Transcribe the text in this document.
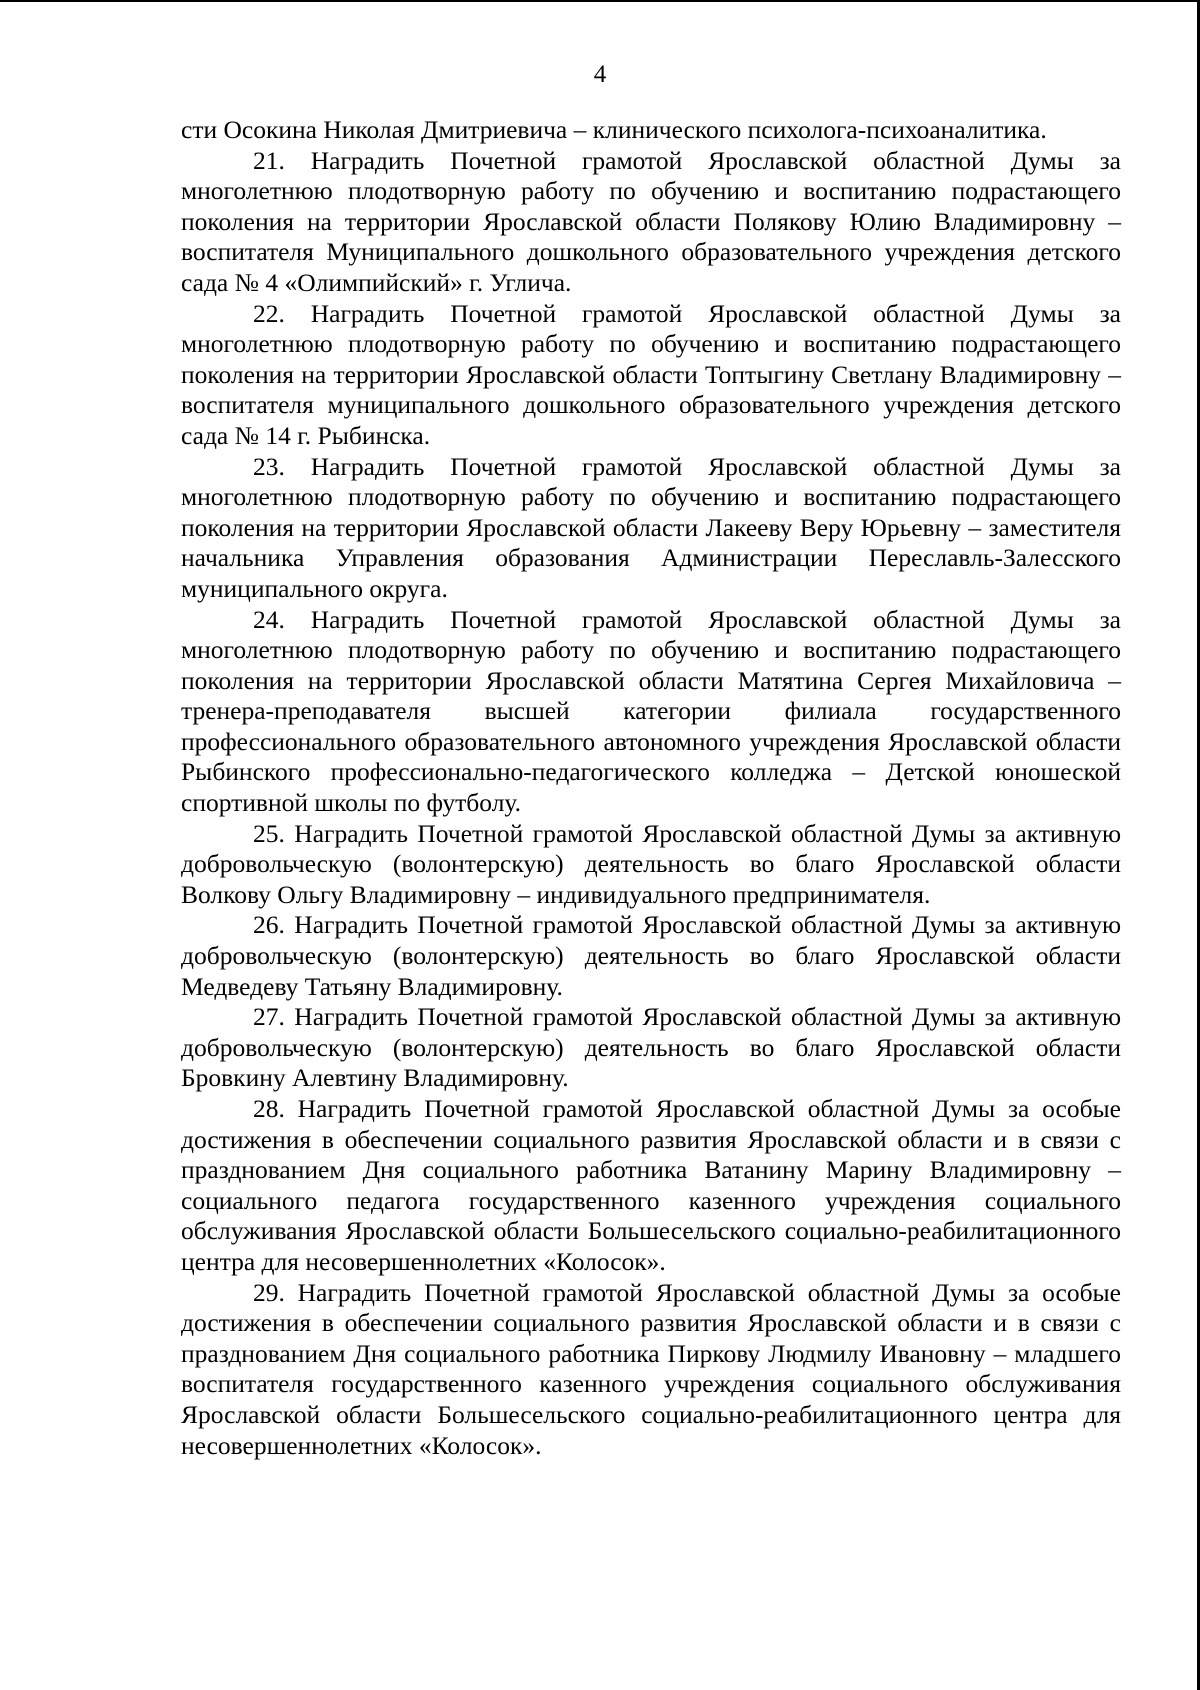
4

сти Осокина Николая Дмитриевича – клинического психолога-психоаналитика.

21. Наградить Почетной грамотой Ярославской областной Думы за многолетнюю плодотворную работу по обучению и воспитанию подрастающего поколения на территории Ярославской области Полякову Юлию Владимировну – воспитателя Муниципального дошкольного образовательного учреждения детского сада № 4 «Олимпийский» г. Углича.

22. Наградить Почетной грамотой Ярославской областной Думы за многолетнюю плодотворную работу по обучению и воспитанию подрастающего поколения на территории Ярославской области Топтыгину Светлану Владимировну – воспитателя муниципального дошкольного образовательного учреждения детского сада № 14 г. Рыбинска.

23. Наградить Почетной грамотой Ярославской областной Думы за многолетнюю плодотворную работу по обучению и воспитанию подрастающего поколения на территории Ярославской области Лакееву Веру Юрьевну – заместителя начальника Управления образования Администрации Переславль-Залесского муниципального округа.

24. Наградить Почетной грамотой Ярославской областной Думы за многолетнюю плодотворную работу по обучению и воспитанию подрастающего поколения на территории Ярославской области Матятина Сергея Михайловича – тренера-преподавателя высшей категории филиала государственного профессионального образовательного автономного учреждения Ярославской области Рыбинского профессионально-педагогического колледжа – Детской юношеской спортивной школы по футболу.

25. Наградить Почетной грамотой Ярославской областной Думы за активную добровольческую (волонтерскую) деятельность во благо Ярославской области Волкову Ольгу Владимировну – индивидуального предпринимателя.

26. Наградить Почетной грамотой Ярославской областной Думы за активную добровольческую (волонтерскую) деятельность во благо Ярославской области Медведеву Татьяну Владимировну.

27. Наградить Почетной грамотой Ярославской областной Думы за активную добровольческую (волонтерскую) деятельность во благо Ярославской области Бровкину Алевтину Владимировну.

28. Наградить Почетной грамотой Ярославской областной Думы за особые достижения в обеспечении социального развития Ярославской области и в связи с празднованием Дня социального работника Ватанину Марину Владимировну – социального педагога государственного казенного учреждения социального обслуживания Ярославской области Большесельского социально-реабилитационного центра для несовершеннолетних «Колосок».

29. Наградить Почетной грамотой Ярославской областной Думы за особые достижения в обеспечении социального развития Ярославской области и в связи с празднованием Дня социального работника Пиркову Людмилу Ивановну – младшего воспитателя государственного казенного учреждения социального обслуживания Ярославской области Большесельского социально-реабилитационного центра для несовершеннолетних «Колосок».
